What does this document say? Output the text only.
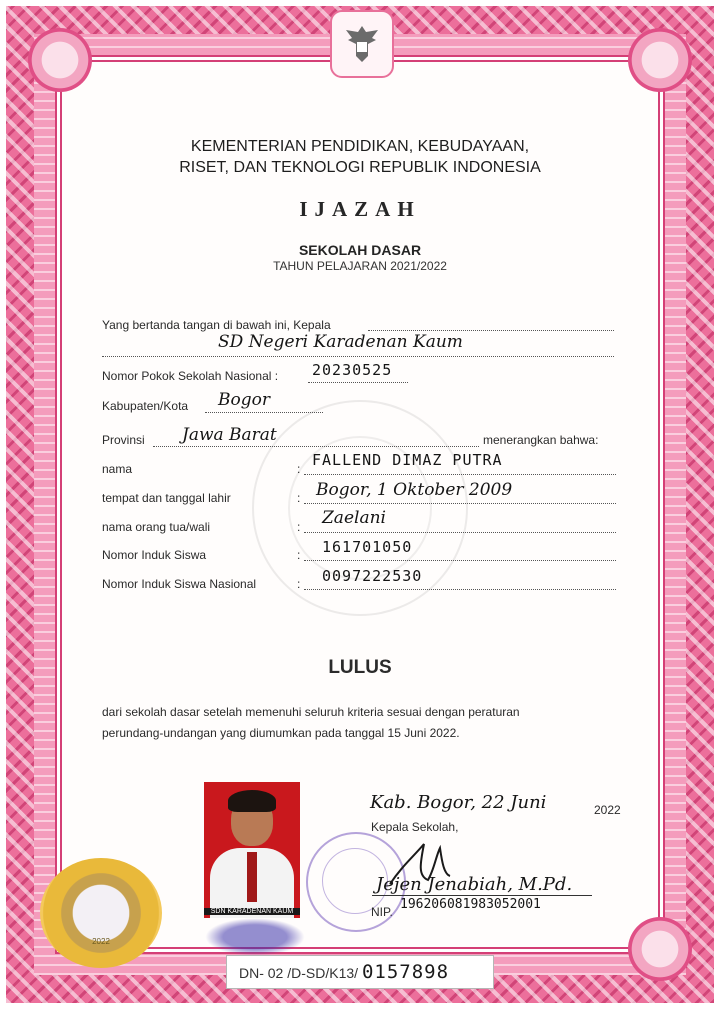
KEMENTERIAN PENDIDIKAN, KEBUDAYAAN,
RISET, DAN TEKNOLOGI REPUBLIK INDONESIA
IJAZAH
SEKOLAH DASAR
TAHUN PELAJARAN 2021/2022
Yang bertanda tangan di bawah ini, Kepala
SD Negeri Karadenan Kaum
Nomor Pokok Sekolah Nasional : 20230525
Kabupaten/Kota Bogor
Provinsi Jawa Barat	menerangkan bahwa:
nama	: FALLEND DIMAZ PUTRA
tempat dan tanggal lahir	: Bogor, 1 Oktober 2009
nama orang tua/wali	: Zaelani
Nomor Induk Siswa	: 161701050
Nomor Induk Siswa Nasional	: 0097222530
LULUS
dari sekolah dasar setelah memenuhi seluruh kriteria sesuai dengan peraturan
perundang-undangan yang diumumkan pada tanggal 15 Juni 2022.
SDN KARADENAN KAUM
Kab. Bogor, 22 Juni	2022
Kepala Sekolah,
Jejen Jenabiah, M.Pd.
NIP. 196206081983052001
2022
DN- 02 /D-SD/K13/ 0157898
